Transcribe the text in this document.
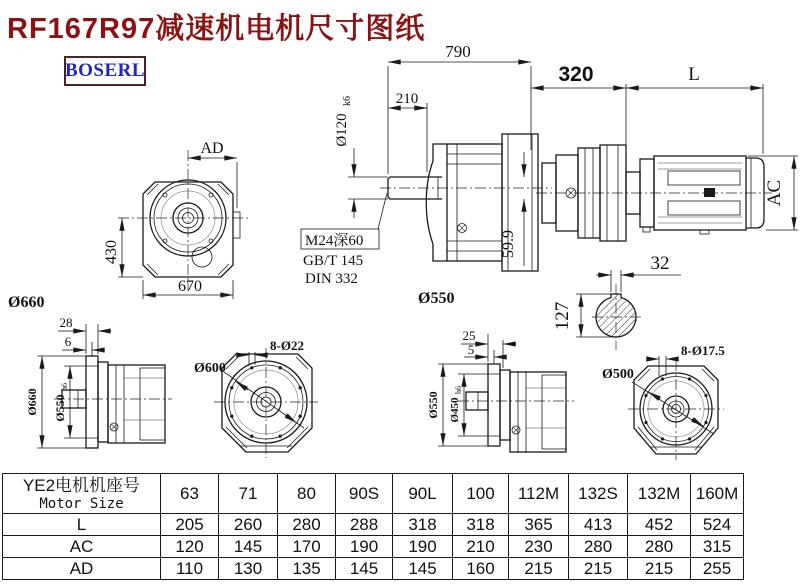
RF167R97减速机电机尺寸图纸
BOSERL
AD
430
670
Ø660
790
210
Ø120
k6
M24深60
GB/T 145
DIN 332
59.9
Ø550
320	L
AC
32
127
28
6
Ø660 Ø550
h6
Ø600
8-Ø22
25
5
Ø550 Ø450
h6
Ø500
8-Ø17.5
YE2电机机座号
Motor Size	63	71	80	90S	90L	100	112M	132S	132M	160M
L	205	260	280	288	318	318	365	413	452	524
AC	120	145	170	190	190	210	230	280	280	315
AD	110	130	135	145	145	160	215	215	215	255
